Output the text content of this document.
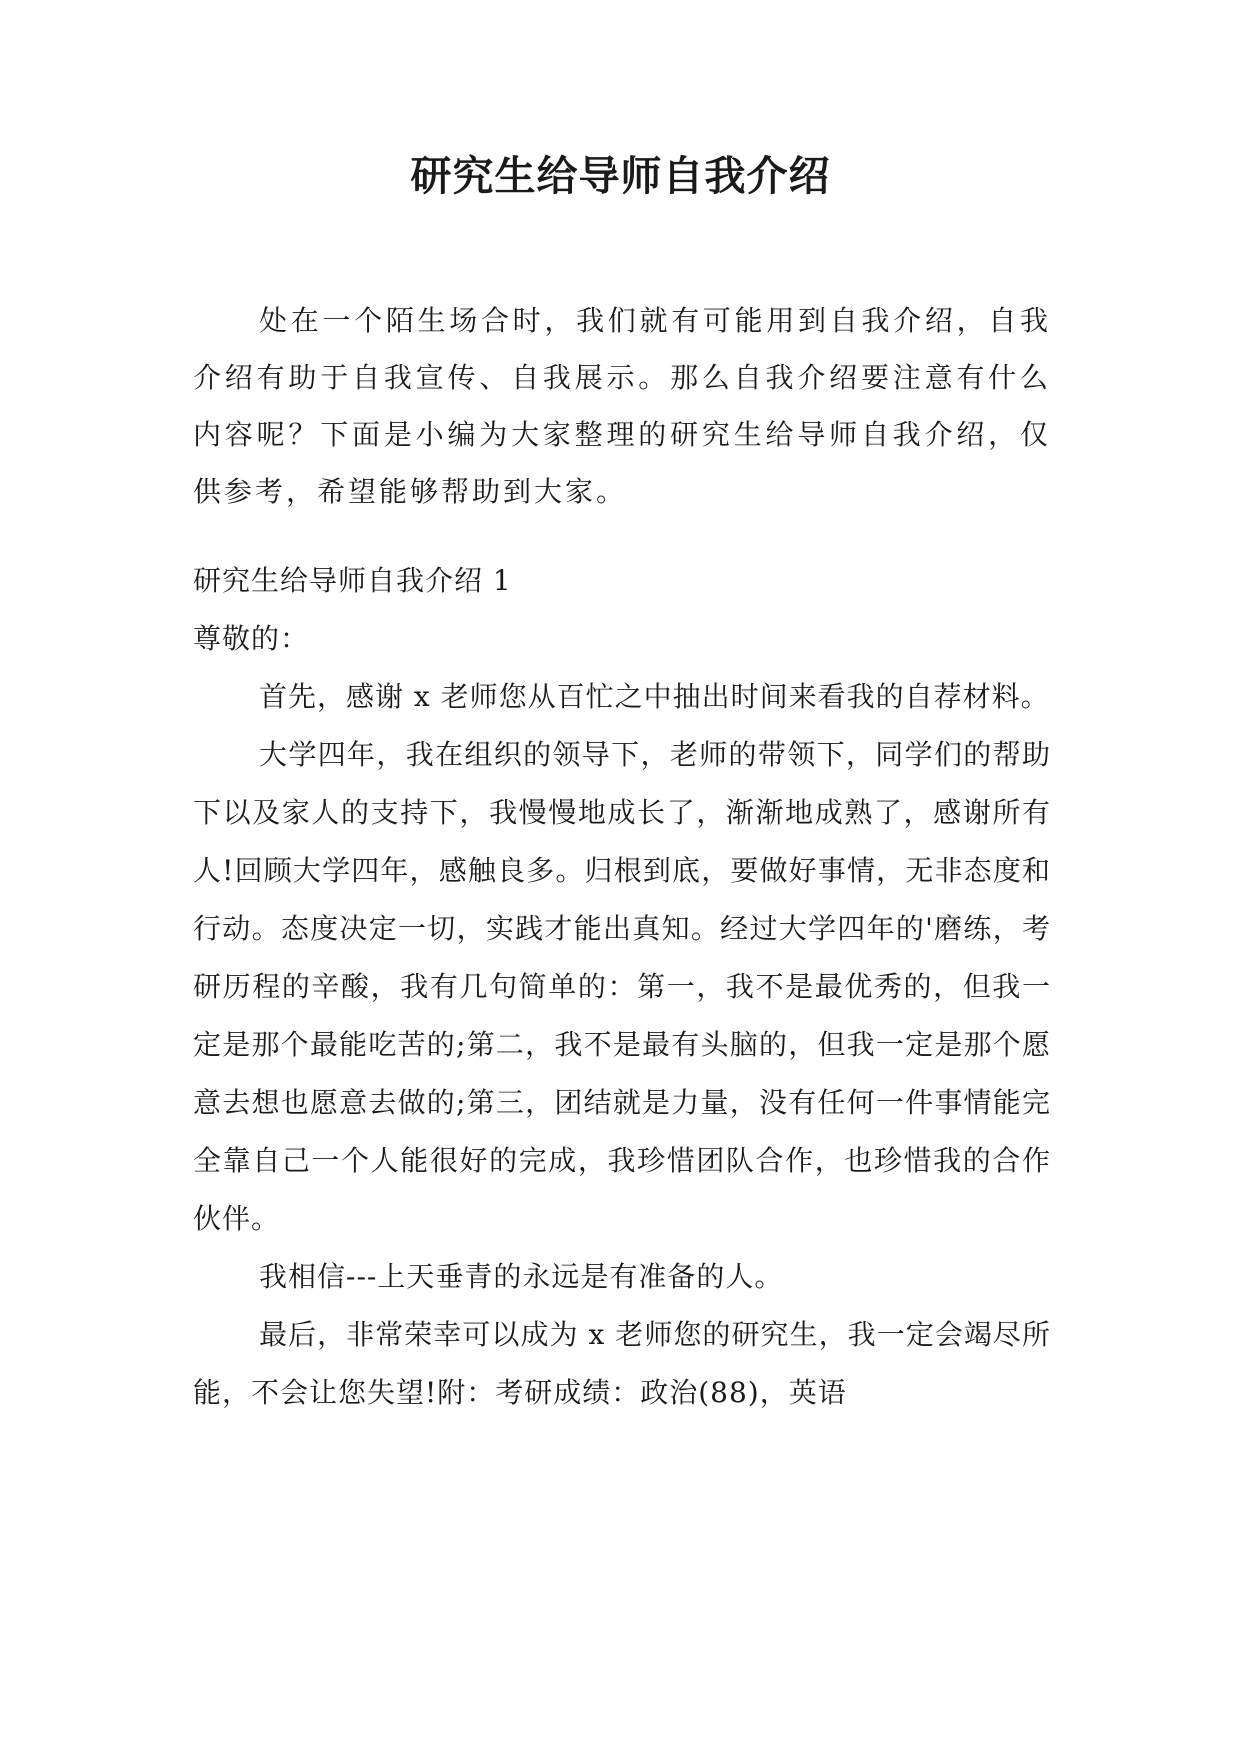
研究生给导师自我介绍

处在一个陌生场合时，我们就有可能用到自我介绍，自我介绍有助于自我宣传、自我展示。那么自我介绍要注意有什么内容呢？下面是小编为大家整理的研究生给导师自我介绍，仅供参考，希望能够帮助到大家。

研究生给导师自我介绍 1

尊敬的：

首先，感谢 x 老师您从百忙之中抽出时间来看我的自荐材料。

大学四年，我在组织的领导下，老师的带领下，同学们的帮助下以及家人的支持下，我慢慢地成长了，渐渐地成熟了，感谢所有人!回顾大学四年，感触良多。归根到底，要做好事情，无非态度和行动。态度决定一切，实践才能出真知。经过大学四年的'磨练，考研历程的辛酸，我有几句简单的：第一，我不是最优秀的，但我一定是那个最能吃苦的;第二，我不是最有头脑的，但我一定是那个愿意去想也愿意去做的;第三，团结就是力量，没有任何一件事情能完全靠自己一个人能很好的完成，我珍惜团队合作，也珍惜我的合作伙伴。

我相信---上天垂青的永远是有准备的人。

最后，非常荣幸可以成为 x 老师您的研究生，我一定会竭尽所能，不会让您失望!附：考研成绩：政治(88)，英语
